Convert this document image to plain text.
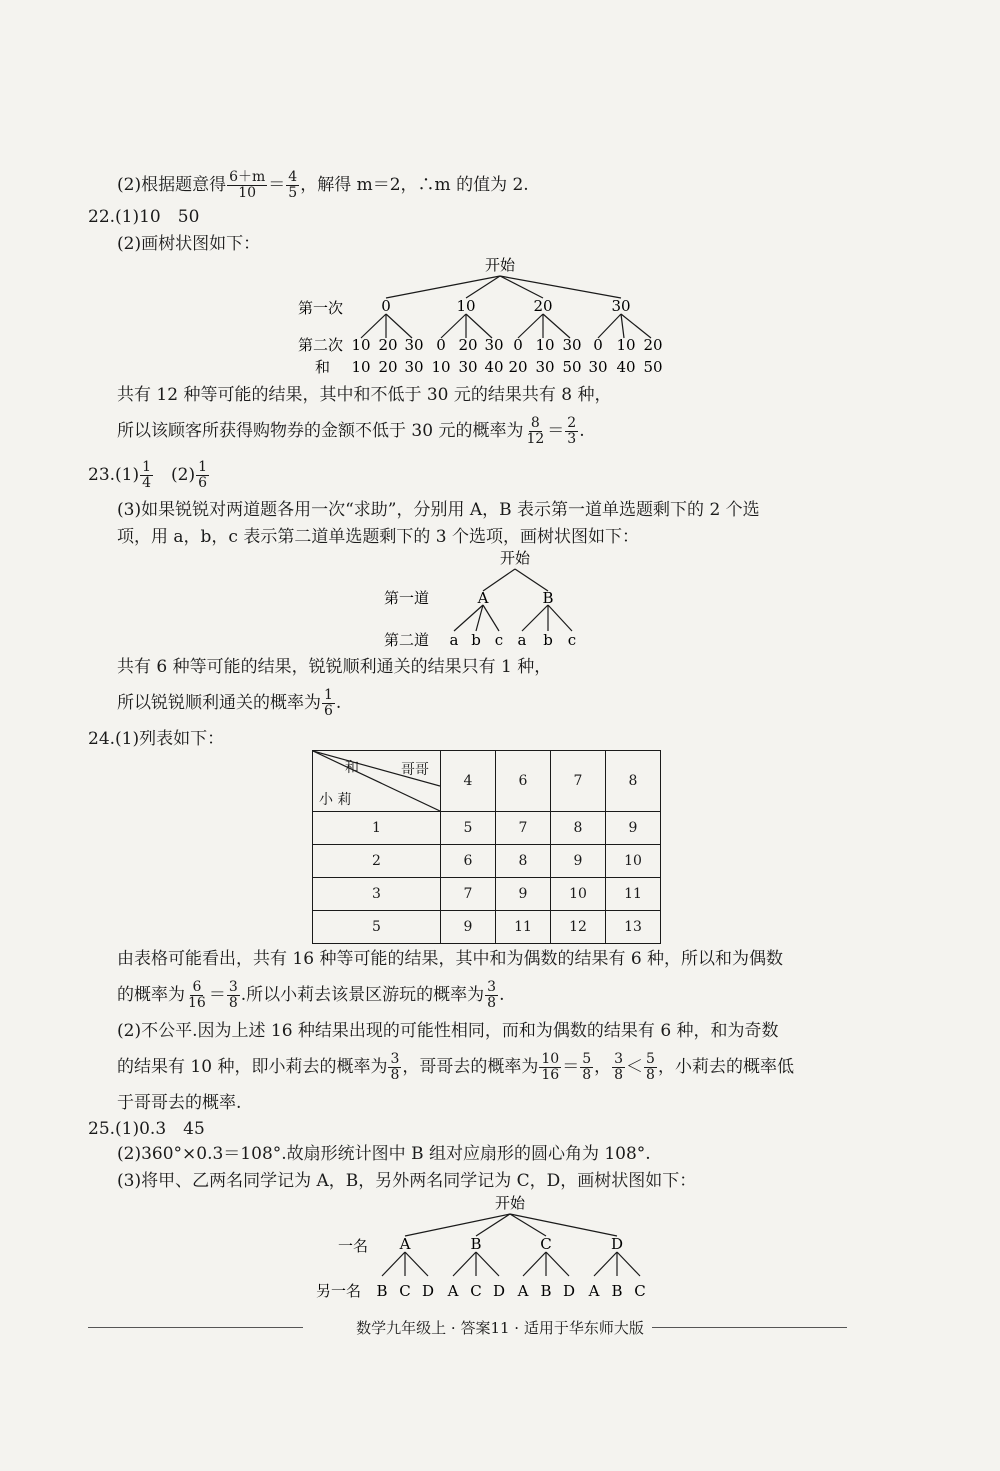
(2)根据题意得 $\frac{6+m}{10} = \frac{4}{5}$ ，解得 m＝2，∴m 的值为 2.
22.(1)10　50
(2)画树状图如下：
开始
第一次
第二次
和
0	10	20	30
10 20 30 0 20 30 0 10 30 0 10 20
10 20 30 10 30 40 20 30 50 30 40 50
共有 12 种等可能的结果，其中和不低于 30 元的结果共有 8 种，
所以该顾客所获得购物券的金额不低于 30 元的概率为 $\frac{8}{12} = \frac{2}{3}$ .
$23.(1) \frac{1}{4}$ 　$(2) \frac{1}{6}$
(3)如果锐锐对两道题各用一次“求助”，分别用 A，B 表示第一道单选题剩下的 2 个选
项，用 a，b，c 表示第二道单选题剩下的 3 个选项，画树状图如下：
开始
第一道
第二道
A	B
a b c a b c
共有 6 种等可能的结果，锐锐顺利通关的结果只有 1 种，
所以锐锐顺利通关的概率为 $\frac{1}{6}$ .
24.(1)列表如下：
和 哥哥
小 莉	4	6	7	8
1	5	7	8	9
2	6	8	9	10
3	7	9	10	11
5	9	11	12	13
由表格可能看出，共有 16 种等可能的结果，其中和为偶数的结果有 6 种，所以和为偶数
的概率为 $\frac{6}{16} = \frac{3}{8}$ .所以小莉去该景区游玩的概率为 $\frac{3}{8}$ .
(2)不公平.因为上述 16 种结果出现的可能性相同，而和为偶数的结果有 6 种，和为奇数
的结果有 10 种，即小莉去的概率为 $\frac{3}{8}$ ，哥哥去的概率为 $\frac{10}{16} = \frac{5}{8}$ ， $\frac{3}{8} < \frac{5}{8}$ ，小莉去的概率低
于哥哥去的概率.
25.(1)0.3　45
(2)360°×0.3＝108°.故扇形统计图中 B 组对应扇形的圆心角为 108°.
(3)将甲、乙两名同学记为 A，B，另外两名同学记为 C，D，画树状图如下：
开始
一名
另一名
A	B	C	D
B C D A C D A B D A B C
数学九年级上 · 答案11 · 适用于华东师大版
